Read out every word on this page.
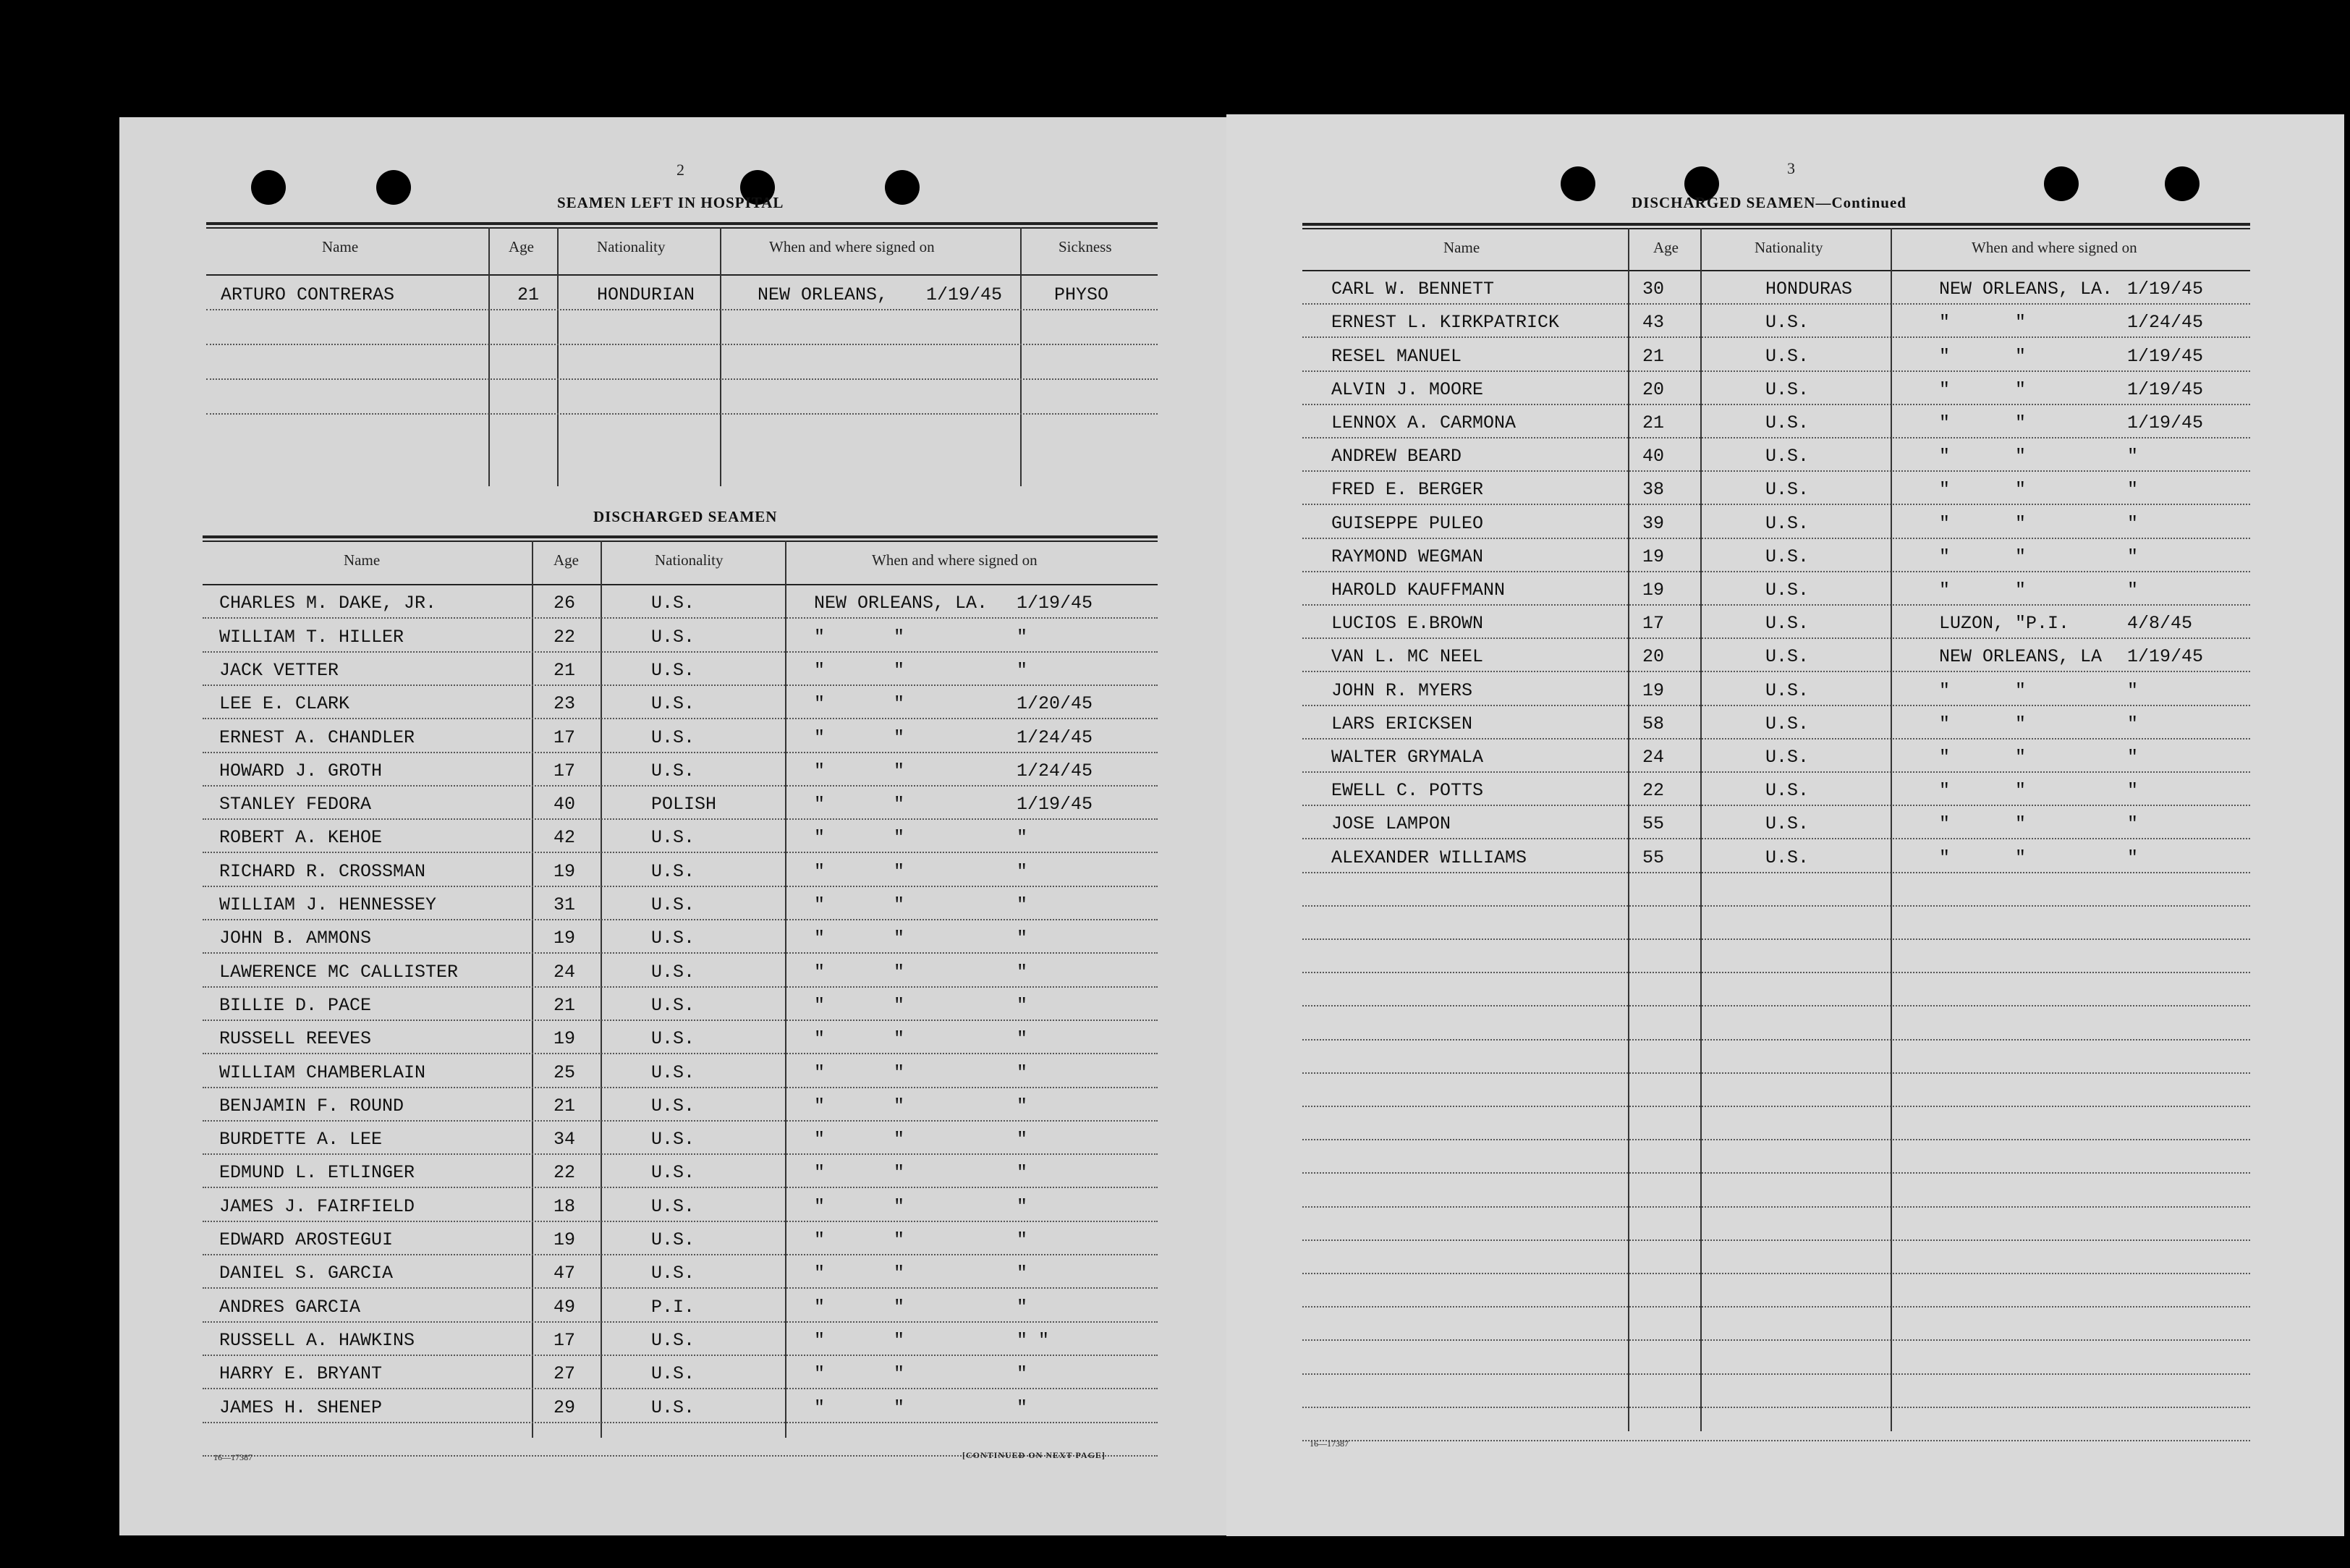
2
SEAMEN LEFT IN HOSPITAL
Name	Age	Nationality	When and where signed on	Sickness
ARTURO CONTRERAS	21	HONDURIAN	NEW ORLEANS, 1/19/45	PHYSO
DISCHARGED SEAMEN
Name	Age	Nationality	When and where signed on
CHARLES M. DAKE, JR.	26	U.S.	NEW ORLEANS, LA. 1/19/45
WILLIAM T. HILLER	22	U.S.	"	"	"
JACK VETTER	21	U.S.	"	"	"
LEE E. CLARK	23	U.S.	"	"	1/20/45
ERNEST A. CHANDLER	17	U.S.	"	"	1/24/45
HOWARD J. GROTH	17	U.S.	"	"	1/24/45
STANLEY FEDORA	40	POLISH	"	"	1/19/45
ROBERT A. KEHOE	42	U.S.	"	"	"
RICHARD R. CROSSMAN	19	U.S.	"	"	"
WILLIAM J. HENNESSEY	31	U.S.	"	"	"
JOHN B. AMMONS	19	U.S.	"	"	"
LAWERENCE MC CALLISTER	24	U.S.	"	"	"
BILLIE D. PACE	21	U.S.	"	"	"
RUSSELL REEVES	19	U.S.	"	"	"
WILLIAM CHAMBERLAIN	25	U.S.	"	"	"
BENJAMIN F. ROUND	21	U.S.	"	"	"
BURDETTE A. LEE	34	U.S.	"	"	"
EDMUND L. ETLINGER	22	U.S.	"	"	"
JAMES J. FAIRFIELD	18	U.S.	"	"	"
EDWARD AROSTEGUI	19	U.S.	"	"	"
DANIEL S. GARCIA	47	U.S.	"	"	"
ANDRES GARCIA	49	P.I.	"	"	"
RUSSELL A. HAWKINS	17	U.S.	"	"	" "
HARRY E. BRYANT	27	U.S.	"	"	"
JAMES H. SHENEP	29	U.S.	"	"	"
16—17387	[CONTINUED ON NEXT PAGE]
3
DISCHARGED SEAMEN—Continued
Name	Age	Nationality	When and where signed on
CARL W. BENNETT	30	HONDURAS	NEW ORLEANS, LA. 1/19/45
ERNEST L. KIRKPATRICK	43	U.S.	"	"	1/24/45
RESEL MANUEL	21	U.S.	"	"	1/19/45
ALVIN J. MOORE	20	U.S.	"	"	1/19/45
LENNOX A. CARMONA	21	U.S.	"	"	1/19/45
ANDREW BEARD	40	U.S.	"	"	"
FRED E. BERGER	38	U.S.	"	"	"
GUISEPPE PULEO	39	U.S.	"	"	"
RAYMOND WEGMAN	19	U.S.	"	"	"
HAROLD KAUFFMANN	19	U.S.	"	"	"
LUCIOS E.BROWN	17	U.S.	LUZON, "P.I.	4/8/45
VAN L. MC NEEL	20	U.S.	NEW ORLEANS, LA 1/19/45
JOHN R. MYERS	19	U.S.	"	"	"
LARS ERICKSEN	58	U.S.	"	"	"
WALTER GRYMALA	24	U.S.	"	"	"
EWELL C. POTTS	22	U.S.	"	"	"
JOSE LAMPON	55	U.S.	"	"	"
ALEXANDER WILLIAMS	55	U.S.	"	"	"
16—17387
